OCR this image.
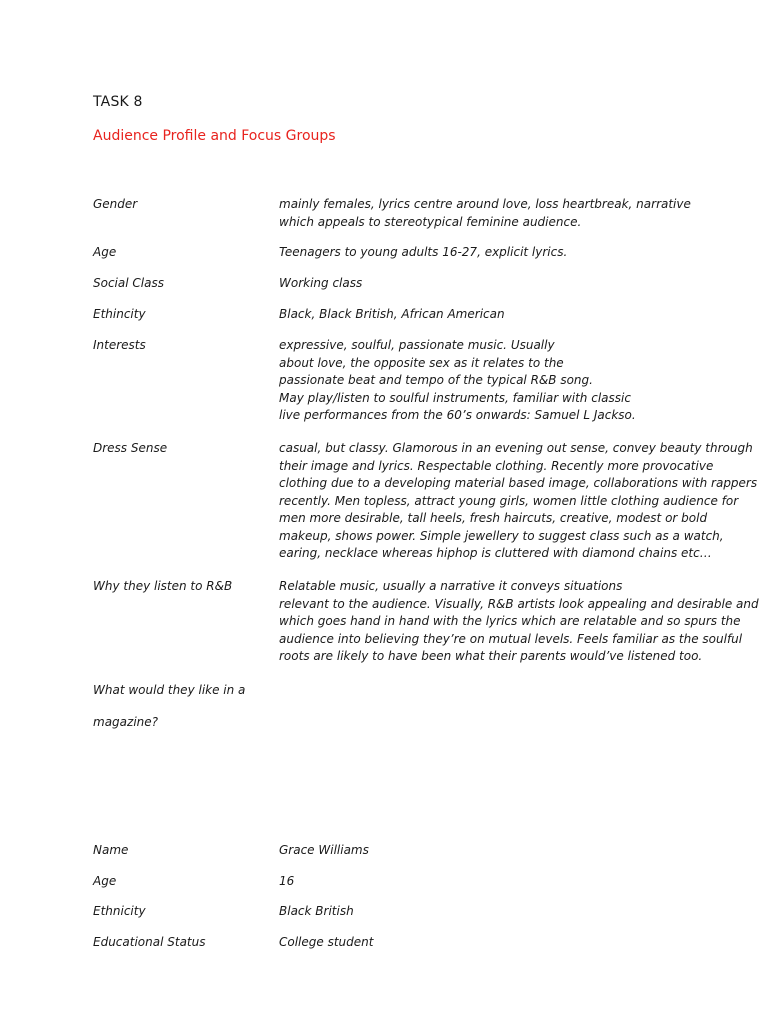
TASK 8
Audience Profile and Focus Groups
Gender	mainly females, lyrics centre around love, loss heartbreak, narrative
which appeals to stereotypical feminine audience.
Age	Teenagers to young adults 16-27, explicit lyrics.
Social Class	Working class
Ethincity	Black, Black British, African American
Interests	expressive, soulful, passionate music. Usually
about love, the opposite sex as it relates to the
passionate beat and tempo of the typical R&B song.
May play/listen to soulful instruments, familiar with classic
live performances from the 60’s onwards: Samuel L Jackso.
Dress Sense	casual, but classy. Glamorous in an evening out sense, convey beauty through
their image and lyrics. Respectable clothing. Recently more provocative
clothing due to a developing material based image, collaborations with rappers
recently. Men topless, attract young girls, women little clothing audience for
men more desirable, tall heels, fresh haircuts, creative, modest or bold
makeup, shows power. Simple jewellery to suggest class such as a watch,
earing, necklace whereas hiphop is cluttered with diamond chains etc…
Why they listen to R&B	Relatable music, usually a narrative it conveys situations
relevant to the audience. Visually, R&B artists look appealing and desirable and
which goes hand in hand with the lyrics which are relatable and so spurs the
audience into believing they’re on mutual levels. Feels familiar as the soulful
roots are likely to have been what their parents would’ve listened too.
What would they like in a
magazine?
Name	Grace Williams
Age	16
Ethnicity	Black British
Educational Status	College student
